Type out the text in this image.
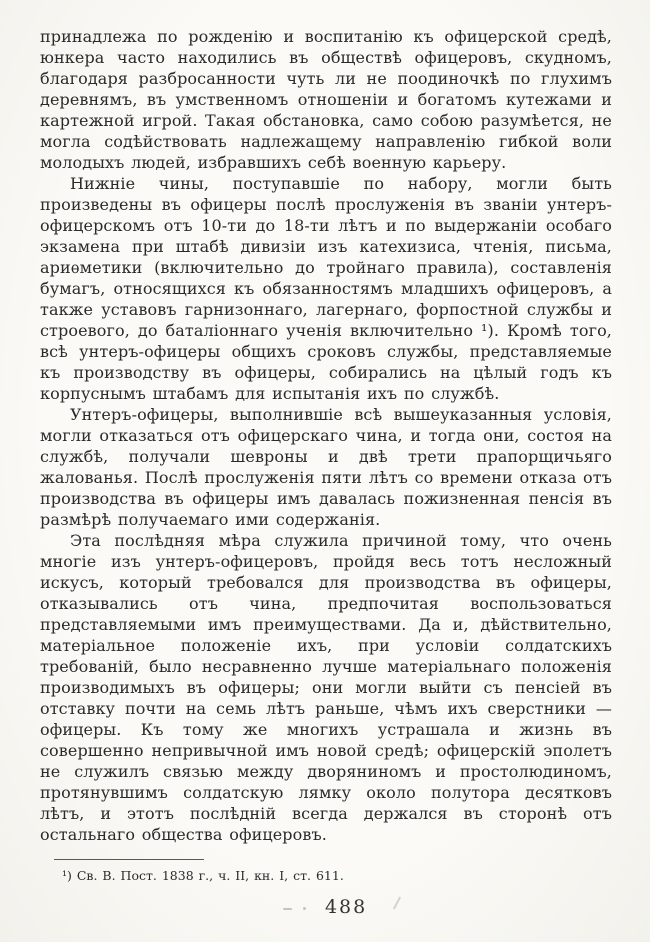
принадлежа по рожденію и воспитанію къ офицерской средѣ, юнкера часто находились въ обществѣ офицеровъ, скудномъ, благодаря разбросанности чуть ли не поодиночкѣ по глухимъ деревнямъ, въ умственномъ отношеніи и богатомъ кутежами и картежной игрой. Такая обстановка, само собою разумѣется, не могла содѣйствовать надлежащему направленію гибкой воли молодыхъ людей, избравшихъ себѣ военную карьеру.

Нижніе чины, поступавшіе по набору, могли быть произведены въ офицеры послѣ прослуженія въ званіи унтеръ-офицерскомъ отъ 10-ти до 18-ти лѣтъ и по выдержаніи особаго экзамена при штабѣ дивизіи изъ катехизиса, чтенія, письма, ариѳметики (включительно до тройнаго правила), составленія бумагъ, относящихся къ обязанностямъ младшихъ офицеровъ, а также уставовъ гарнизоннаго, лагернаго, форпостной службы и строевого, до баталіоннаго ученія включительно ¹). Кромѣ того, всѣ унтеръ-офицеры общихъ сроковъ службы, представляемые къ производству въ офицеры, собирались на цѣлый годъ къ корпуснымъ штабамъ для испытанія ихъ по службѣ.

Унтеръ-офицеры, выполнившіе всѣ вышеуказанныя условія, могли отказаться отъ офицерскаго чина, и тогда они, состоя на службѣ, получали шевроны и двѣ трети прапорщичьяго жалованья. Послѣ прослуженія пяти лѣтъ со времени отказа отъ производства въ офицеры имъ давалась пожизненная пенсія въ размѣрѣ получаемаго ими содержанія.

Эта послѣдняя мѣра служила причиной тому, что очень многіе изъ унтеръ-офицеровъ, пройдя весь тотъ несложный искусъ, который требовался для производства въ офицеры, отказывались отъ чина, предпочитая воспользоваться представляемыми имъ преимуществами. Да и, дѣйствительно, матеріальное положеніе ихъ, при условіи солдатскихъ требованій, было несравненно лучше матеріальнаго положенія производимыхъ въ офицеры; они могли выйти съ пенсіей въ отставку почти на семь лѣтъ раньше, чѣмъ ихъ сверстники — офицеры. Къ тому же многихъ устрашала и жизнь въ совершенно непривычной имъ новой средѣ; офицерскій эполетъ не служилъ связью между дворяниномъ и простолюдиномъ, протянувшимъ солдатскую лямку около полутора десятковъ лѣтъ, и этотъ послѣдній всегда держался въ сторонѣ отъ остальнаго общества офицеровъ.

¹) Св. В. Пост. 1838 г., ч. II, кн. I, ст. 611.

488
